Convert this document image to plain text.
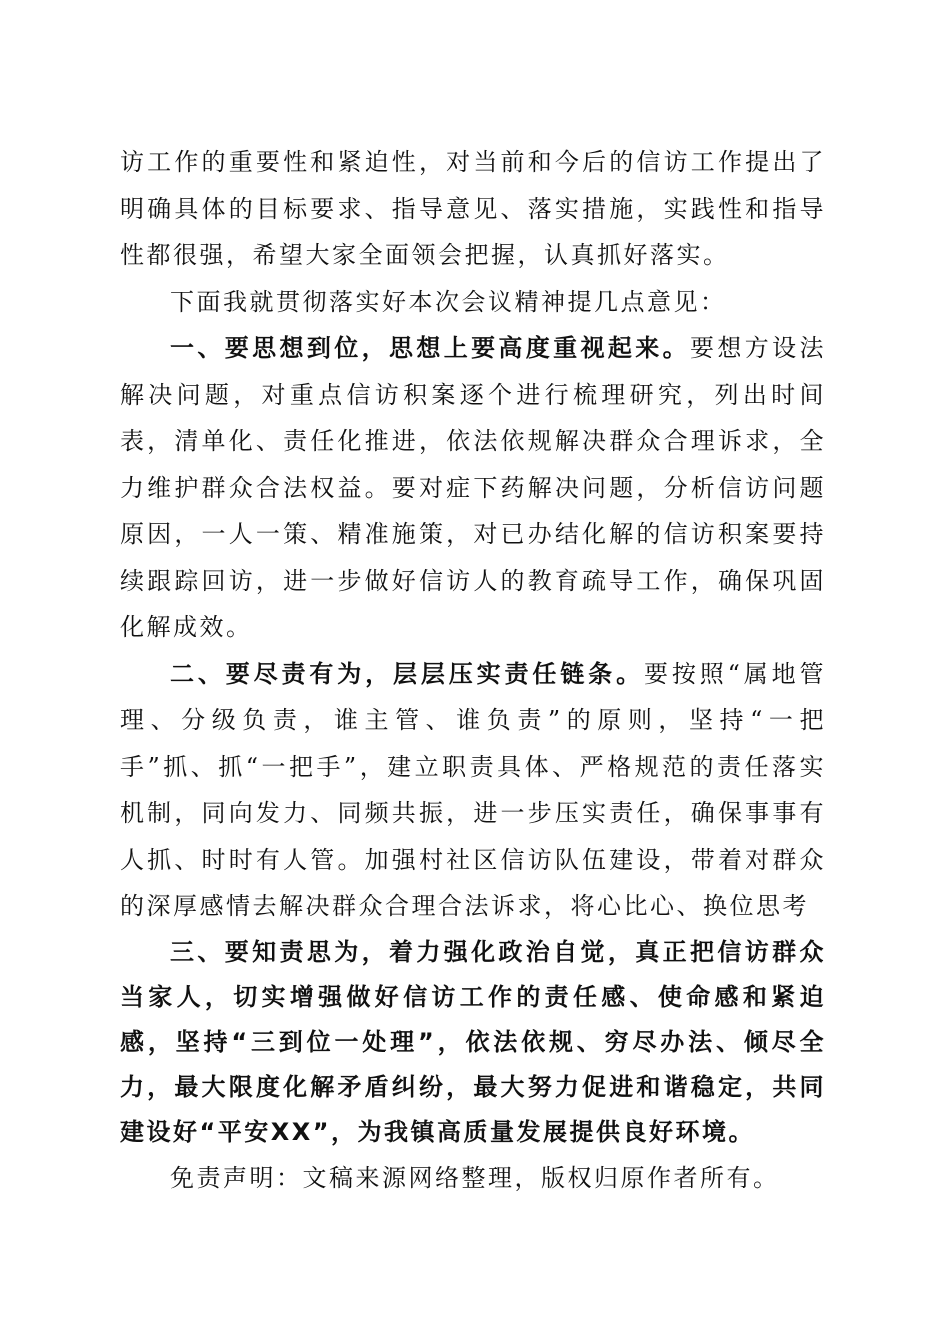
访工作的重要性和紧迫性，对当前和今后的信访工作提出了明确具体的目标要求、指导意见、落实措施，实践性和指导性都很强，希望大家全面领会把握，认真抓好落实。

下面我就贯彻落实好本次会议精神提几点意见：

一、要思想到位，思想上要高度重视起来。要想方设法解决问题，对重点信访积案逐个进行梳理研究，列出时间表，清单化、责任化推进，依法依规解决群众合理诉求，全力维护群众合法权益。要对症下药解决问题，分析信访问题原因，一人一策、精准施策，对已办结化解的信访积案要持续跟踪回访，进一步做好信访人的教育疏导工作，确保巩固化解成效。

二、要尽责有为，层层压实责任链条。要按照“属地管理、分级负责，谁主管、谁负责”的原则，坚持“一把手”抓、抓“一把手”，建立职责具体、严格规范的责任落实机制，同向发力、同频共振，进一步压实责任，确保事事有人抓、时时有人管。加强村社区信访队伍建设，带着对群众的深厚感情去解决群众合理合法诉求，将心比心、换位思考

三、要知责思为，着力强化政治自觉，真正把信访群众当家人，切实增强做好信访工作的责任感、使命感和紧迫感，坚持“三到位一处理”，依法依规、穷尽办法、倾尽全力，最大限度化解矛盾纠纷，最大努力促进和谐稳定，共同建设好“平安XX”，为我镇高质量发展提供良好环境。

免责声明：文稿来源网络整理，版权归原作者所有。
